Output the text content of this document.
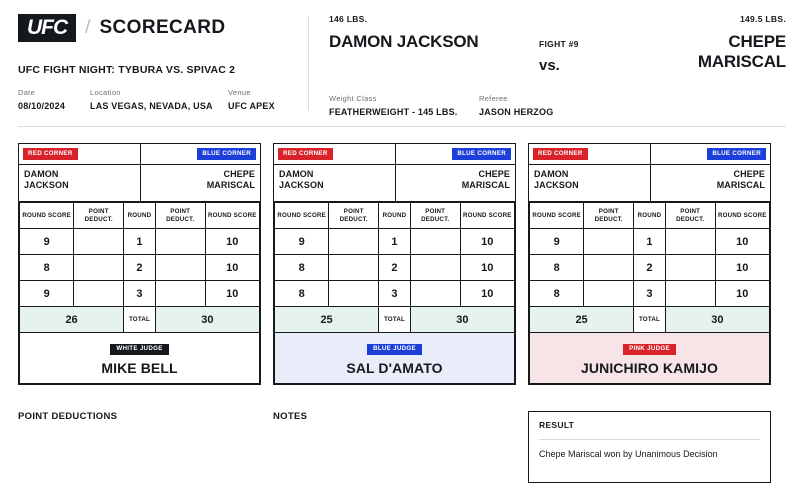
UFC / SCORECARD
UFC FIGHT NIGHT: TYBURA VS. SPIVAC 2
Date
08/10/2024
Location
LAS VEGAS, NEVADA, USA
Venue
UFC APEX
146 LBS.	149.5 LBS.
DAMON JACKSON	FIGHT #9
vs.
CHEPE MARISCAL
Weight Class
FEATHERWEIGHT - 145 LBS.
Referee
JASON HERZOG
RED CORNER	BLUE CORNER
DAMON
JACKSON
CHEPE
MARISCAL
ROUND SCORE	POINT DEDUCT.	ROUND	POINT DEDUCT.	ROUND SCORE
9		1		10
8		2		10
9		3		10
26		TOTAL	30	
WHITE JUDGE
MIKE BELL
RED CORNER	BLUE CORNER
DAMON
JACKSON
CHEPE
MARISCAL
ROUND SCORE	POINT DEDUCT.	ROUND	POINT DEDUCT.	ROUND SCORE
9		1		10
8		2		10
8		3		10
25		TOTAL	30	
BLUE JUDGE
SAL D'AMATO
RED CORNER	BLUE CORNER
DAMON
JACKSON
CHEPE
MARISCAL
ROUND SCORE	POINT DEDUCT.	ROUND	POINT DEDUCT.	ROUND SCORE
9		1		10
8		2		10
8		3		10
25		TOTAL	30	
PINK JUDGE
JUNICHIRO KAMIJO
POINT DEDUCTIONS	NOTES
RESULT
Chepe Mariscal won by Unanimous Decision
